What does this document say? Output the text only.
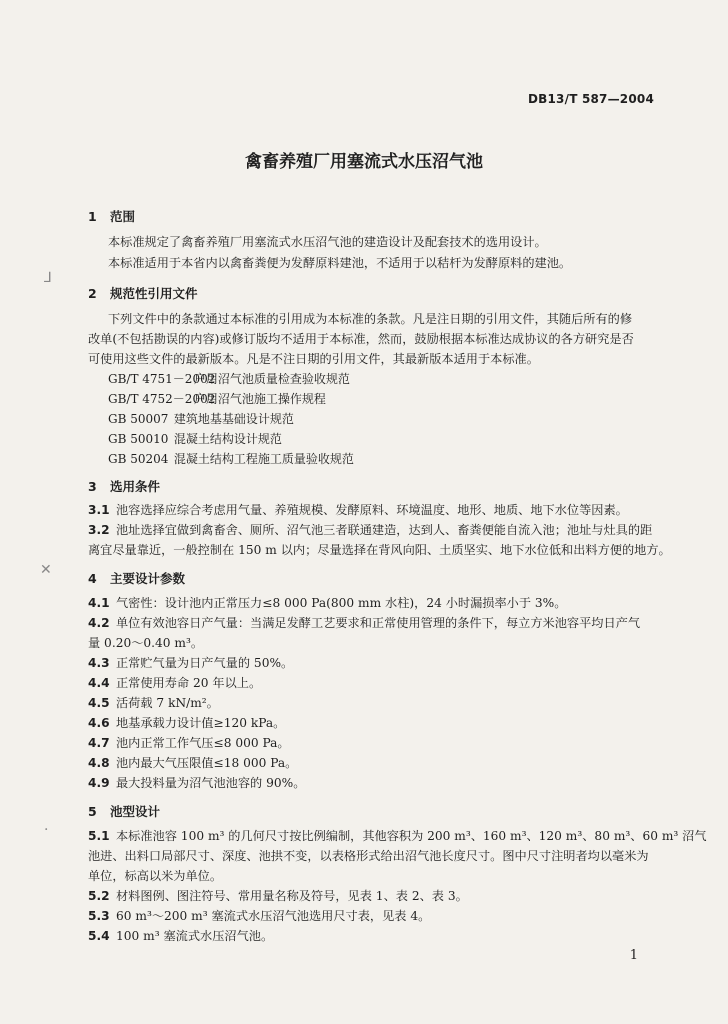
DB13/T 587—2004
禽畜养殖厂用塞流式水压沼气池
1 范围
本标准规定了禽畜养殖厂用塞流式水压沼气池的建造设计及配套技术的选用设计。
本标准适用于本省内以禽畜粪便为发酵原料建池，不适用于以秸杆为发酵原料的建池。
2 规范性引用文件
下列文件中的条款通过本标准的引用成为本标准的条款。凡是注日期的引用文件，其随后所有的修
改单(不包括勘误的内容)或修订版均不适用于本标准，然而，鼓励根据本标准达成协议的各方研究是否
可使用这些文件的最新版本。凡是不注日期的引用文件，其最新版本适用于本标准。
GB/T 4751－2002 户用沼气池质量检查验收规范
GB/T 4752－2002 户用沼气池施工操作规程
GB 50007 建筑地基基础设计规范
GB 50010 混凝土结构设计规范
GB 50204 混凝土结构工程施工质量验收规范
3 选用条件
3.1 池容选择应综合考虑用气量、养殖规模、发酵原料、环境温度、地形、地质、地下水位等因素。
3.2 池址选择宜做到禽畜舍、厕所、沼气池三者联通建造，达到人、畜粪便能自流入池；池址与灶具的距
离宜尽量靠近，一般控制在 150 m 以内；尽量选择在背风向阳、土质坚实、地下水位低和出料方便的地方。
4 主要设计参数
4.1 气密性：设计池内正常压力≤8 000 Pa(800 mm 水柱)，24 小时漏损率小于 3%。
4.2 单位有效池容日产气量：当满足发酵工艺要求和正常使用管理的条件下，每立方米池容平均日产气
量 0.20～0.40 m³。
4.3 正常贮气量为日产气量的 50%。
4.4 正常使用寿命 20 年以上。
4.5 活荷载 7 kN/m²。
4.6 地基承载力设计值≥120 kPa。
4.7 池内正常工作气压≤8 000 Pa。
4.8 池内最大气压限值≤18 000 Pa。
4.9 最大投料量为沼气池池容的 90%。
5 池型设计
5.1 本标准池容 100 m³ 的几何尺寸按比例编制，其他容积为 200 m³、160 m³、120 m³、80 m³、60 m³ 沼气
池进、出料口局部尺寸、深度、池拱不变，以表格形式给出沼气池长度尺寸。图中尺寸注明者均以毫米为
单位，标高以米为单位。
5.2 材料图例、图注符号、常用量名称及符号，见表 1、表 2、表 3。
5.3 60 m³～200 m³ 塞流式水压沼气池选用尺寸表，见表 4。
5.4 100 m³ 塞流式水压沼气池。
1
⅃
✕
·
